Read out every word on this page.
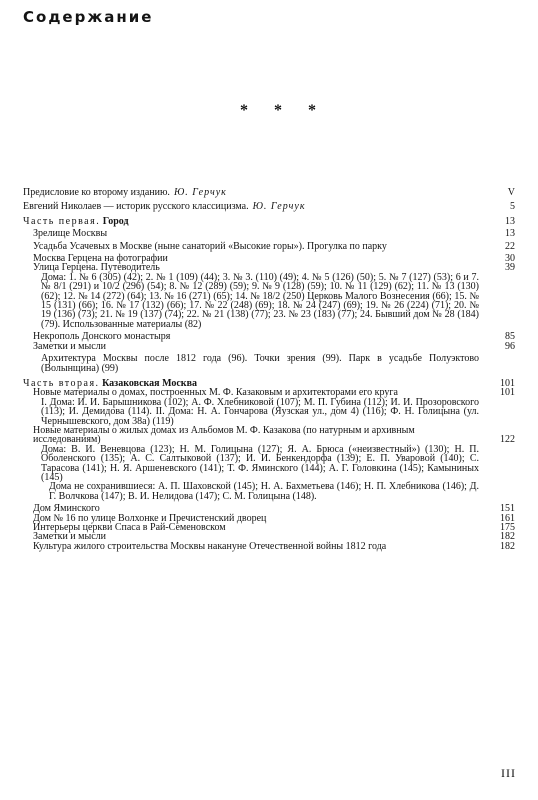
Содержание
* * *
Предисловие ко второму изданию. Ю. Герчук	V
Евгений Николаев — историк русского классицизма. Ю. Герчук	5
Часть первая. Город	13
Зрелище Москвы	13
Усадьба Усачевых в Москве (ныне санаторий «Высокие горы»). Прогулка по парку	22
Москва Герцена на фотографии	30
Улица Герцена. Путеводитель	39
Дома: 1. № 6 (305) (42); 2. № 1 (109) (44); 3. № 3. (110) (49); 4. № 5 (126) (50); 5. № 7 (127) (53); 6 и 7. № 8/1 (291) и 10/2 (296) (54); 8. № 12 (289) (59); 9. № 9 (128) (59); 10. № 11 (129) (62); 11. № 13 (130) (62); 12. № 14 (272) (64); 13. № 16 (271) (65); 14. № 18/2 (250) Церковь Малого Вознесения (66); 15. № 15 (131) (66); 16. № 17 (132) (66); 17. № 22 (248) (69); 18. № 24 (247) (69); 19. № 26 (224) (71); 20. № 19 (136) (73); 21. № 19 (137) (74); 22. № 21 (138) (77); 23. № 23 (183) (77); 24. Бывший дом № 28 (184) (79). Использованные материалы (82)
Некрополь Донского монастыря	85
Заметки и мысли	96
Архитектура Москвы после 1812 года (96). Точки зрения (99). Парк в усадьбе Полуэктово (Волынщина) (99)
Часть вторая. Казаковская Москва	101
Новые материалы о домах, построенных М. Ф. Казаковым и архитекторами его круга	101
I. Дома: И. И. Барышникова (102); А. Ф. Хлебниковой (107); М. П. Губина (112); И. И. Прозоровского (113); И. Демидова (114). II. Дома: Н. А. Гончарова (Яузская ул., дом 4) (116); Ф. Н. Голицына (ул. Чернышевского, дом 38а) (119)
Новые материалы о жилых домах из Альбомов М. Ф. Казакова (по натурным и архивным исследованиям)	122
Дома: В. И. Веневцова (123); Н. М. Голицына (127); Я. А. Брюса («неизвестный») (130); Н. П. Оболенского (135); А. С. Салтыковой (137); И. И. Бенкендорфа (139); Е. П. Уваровой (140); С. Тарасова (141); Н. Я. Аршеневского (141); Т. Ф. Яминского (144); А. Г. Головкина (145); Камыниных (145)
Дома не сохранившиеся: А. П. Шаховской (145); Н. А. Бахметьева (146); Н. П. Хлебникова (146); Д. Г. Волчкова (147); В. И. Нелидова (147); С. М. Голицына (148).
Дом Яминского	151
Дом № 16 по улице Волхонке и Пречистенский дворец	161
Интерьеры церкви Спаса в Рай-Семеновском	175
Заметки и мысли	182
Культура жилого строительства Москвы накануне Отечественной войны 1812 года	182
III
